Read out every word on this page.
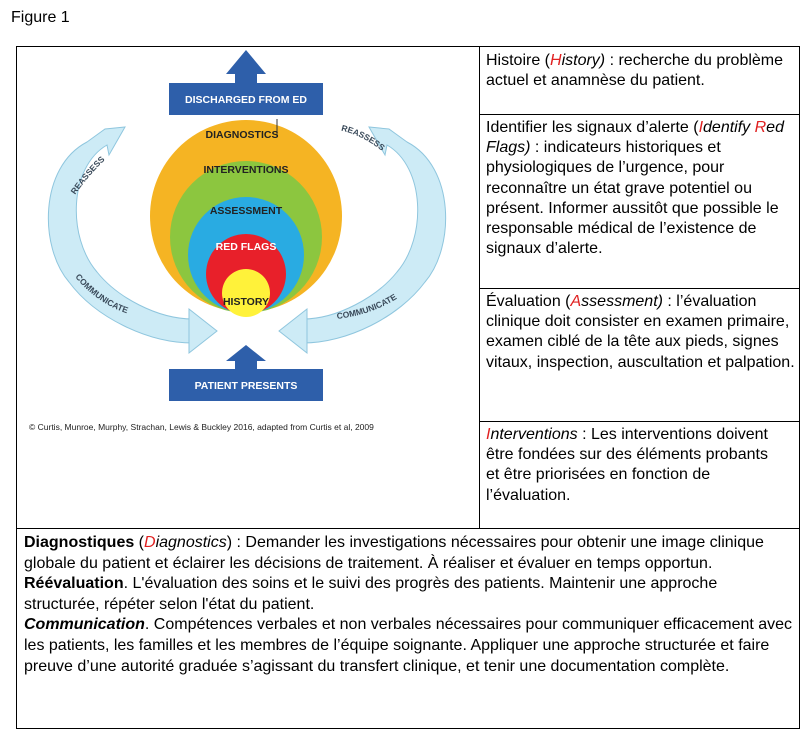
Figure 1
REASSESS
REASSESS
COMMUNICATE
COMMUNICATE
DISCHARGED FROM ED
DIAGNOSTICS
INTERVENTIONS
ASSESSMENT
RED FLAGS
HISTORY
PATIENT PRESENTS
© Curtis, Munroe, Murphy, Strachan, Lewis & Buckley 2016, adapted from Curtis et al, 2009
Histoire (History) : recherche du problème actuel et anamnèse du patient.
Identifier les signaux d’alerte (Identify Red Flags) : indicateurs historiques et physiologiques de l’urgence, pour reconnaître un état grave potentiel ou présent. Informer aussitôt que possible le responsable médical de l’existence de signaux d’alerte.
Évaluation (Assessment) : l’évaluation clinique doit consister en examen primaire, examen ciblé de la tête aux pieds, signes vitaux, inspection, auscultation et palpation.
Interventions : Les interventions doivent être fondées sur des éléments probants et être priorisées en fonction de l’évaluation.
Diagnostiques (Diagnostics) : Demander les investigations nécessaires pour obtenir une image clinique globale du patient et éclairer les décisions de traitement. À réaliser et évaluer en temps opportun.
Réévaluation. L'évaluation des soins et le suivi des progrès des patients. Maintenir une approche structurée, répéter selon l'état du patient.
Communication. Compétences verbales et non verbales nécessaires pour communiquer efficacement avec les patients, les familles et les membres de l’équipe soignante. Appliquer une approche structurée et faire preuve d’une autorité graduée s’agissant du transfert clinique, et tenir une documentation complète.
